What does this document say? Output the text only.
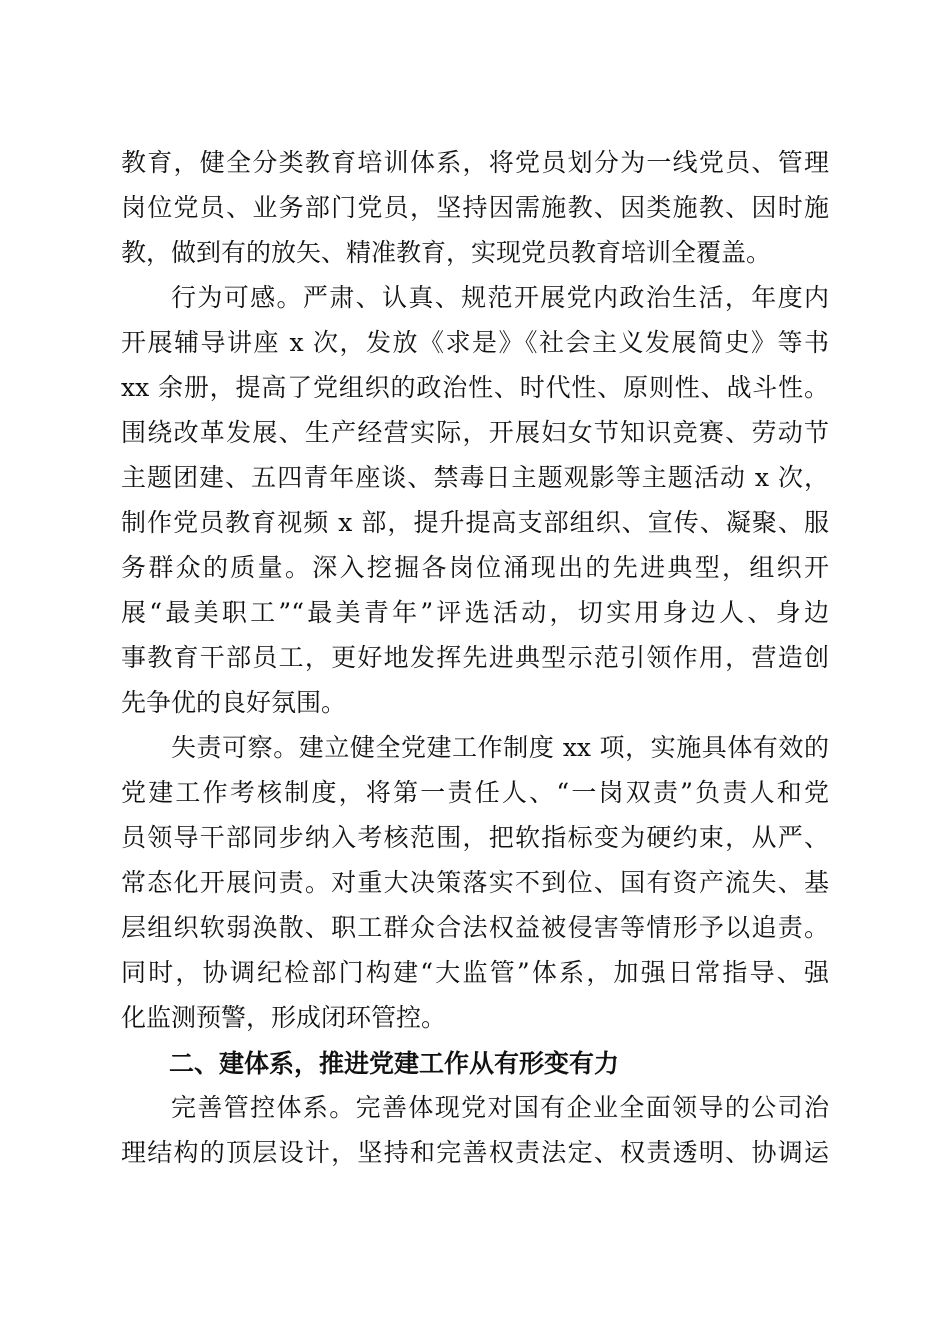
教育，健全分类教育培训体系，将党员划分为一线党员、管理
岗位党员、业务部门党员，坚持因需施教、因类施教、因时施
教，做到有的放矢、精准教育，实现党员教育培训全覆盖。
行为可感。严肃、认真、规范开展党内政治生活，年度内
开展辅导讲座 x 次，发放《求是》《社会主义发展简史》等书
xx 余册，提高了党组织的政治性、时代性、原则性、战斗性。
围绕改革发展、生产经营实际，开展妇女节知识竞赛、劳动节
主题团建、五四青年座谈、禁毒日主题观影等主题活动 x 次，
制作党员教育视频 x 部，提升提高支部组织、宣传、凝聚、服
务群众的质量。深入挖掘各岗位涌现出的先进典型，组织开
展“最美职工”“最美青年”评选活动，切实用身边人、身边
事教育干部员工，更好地发挥先进典型示范引领作用，营造创
先争优的良好氛围。
失责可察。建立健全党建工作制度 xx 项，实施具体有效的
党建工作考核制度，将第一责任人、“一岗双责”负责人和党
员领导干部同步纳入考核范围，把软指标变为硬约束，从严、
常态化开展问责。对重大决策落实不到位、国有资产流失、基
层组织软弱涣散、职工群众合法权益被侵害等情形予以追责。
同时，协调纪检部门构建“大监管”体系，加强日常指导、强
化监测预警，形成闭环管控。
二、建体系，推进党建工作从有形变有力
完善管控体系。完善体现党对国有企业全面领导的公司治
理结构的顶层设计，坚持和完善权责法定、权责透明、协调运
